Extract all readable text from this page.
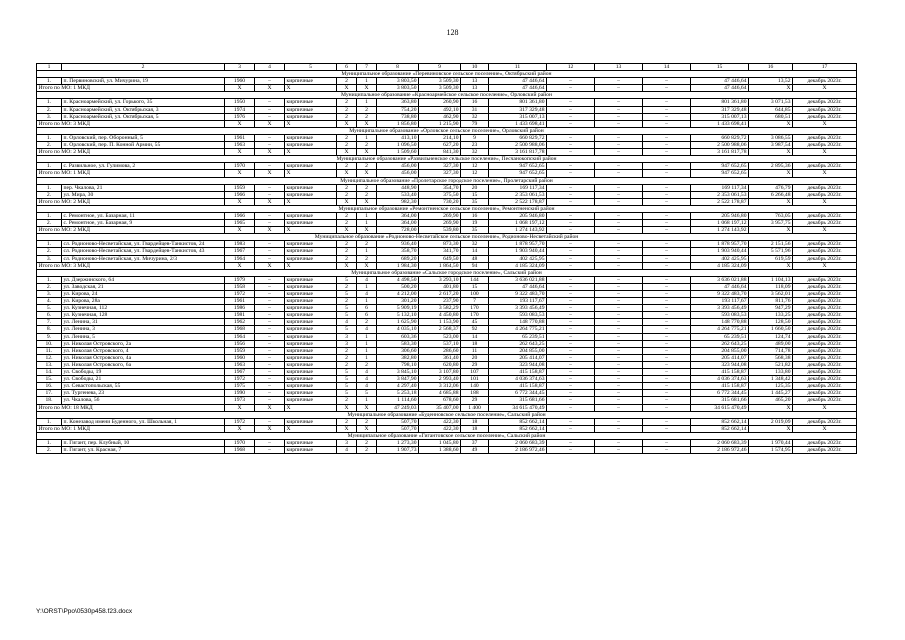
128
1	2	3	4	5	6	7	8	9	10	11	12	13	14	15	16	17
Муниципальное образование «Перевиновское сельское поселение», Октябрьский район																
1.	п. Первиновский, ул. Мичурина, 19	1960	–	кирпичные	2	1	3 803,50	3 509,30	13	47 446,64	–	–	–	47 446,64	13,52	декабрь 2023г.
Итого по МО: 1 МКД		X	X	X	X	X	3 803,50	3 509,30	13	47 446,64	–	–	–	47 446,64	X	X
Муниципальное образование «Красноармейское сельское поселение», Орловский район																
1.	п. Красноармейский, ул. Горького, 35	1950	–	кирпичные	2	1	363,80	260,90	16	801 361,80	–	–	–	801 361,80	3 071,53	декабрь 2023г.
2.	п. Красноармейский, ул. Октябрьская, 3	1974	–	кирпичные	2	2	754,20	492,10	31	317 329,48	–	–	–	317 329,48	644,85	декабрь 2023г.
3.	п. Красноармейский, ул. Октябрьская, 5	1976	–	кирпичные	2	2	738,80	462,90	32	315 007,13	–	–	–	315 007,13	680,51	декабрь 2023г.
Итого по МО: 3 МКД		X	X	X	X	X	1 856,80	1 215,90	79	1 433 698,41	–	–	–	1 433 698,41	X	X
Муниципальное образование «Орловское сельское поселение», Орловский район																
1.	п. Орловский, пер. Оборонный, 5	1961	–	кирпичные	2	1	413,10	214,10	9	660 829,72	–	–	–	660 829,72	3 086,55	декабрь 2023г.
2.	п. Орловский, пер. П. Конной Армии, 55	1963	–	кирпичные	2	2	1 096,50	627,20	23	2 500 988,06	–	–	–	2 500 988,06	3 987,54	декабрь 2023г.
Итого по МО: 2 МКД		X	X	X	X	X	1 509,60	841,30	32	3 161 817,78	–	–	–	3 161 817,78	X	X
Муниципальное образование «Развильненское сельское поселение», Песчанокопский район																
1.	с. Развильное, ул. Гулимова, 2	1970	–	кирпичные	2	2	456,00	327,30	12	947 652,65	–	–	–	947 652,65	2 895,36	декабрь 2023г.
Итого по МО: 1 МКД		X	X	X	X	X	456,00	327,30	12	947 652,65	–	–	–	947 652,65	X	X
Муниципальное образование «Пролетарское городское поселение», Пролетарский район																
1.	пер. Чкалова, 21	1959	–	кирпичные	2	2	448,90	354,70	20	169 117,34	–	–	–	169 117,34	476,79	декабрь 2023г.
2.	ул. Мира, 30	1966	–	кирпичные	2	2	533,40	375,50	15	2 353 061,53	–	–	–	2 353 061,53	6 266,48	декабрь 2023г.
Итого по МО: 2 МКД		X	X	X	X	X	982,30	730,20	35	2 522 178,87	–	–	–	2 522 178,87	X	X
Муниципальное образование «Ремонтненское сельское поселение», Ремонтненский район																
1.	с. Ремонтное, ул. Базарная, 11	1966	–	кирпичные	2	1	364,00	269,90	16	205 946,80	–	–	–	205 946,80	763,05	декабрь 2023г.
2.	с. Ремонтное, ул. Базарная, 9	1965	–	кирпичные	2	1	364,00	269,90	19	1 068 197,12	–	–	–	1 068 197,12	3 957,75	декабрь 2023г.
Итого по МО: 2 МКД		X	X	X	X	X	728,00	539,80	35	1 274 143,92	–	–	–	1 274 143,92	X	X
Муниципальное образование «Родионово-Несветайское сельское поселение», Родионово-Несветайский район																
1.	сл. Родионово-Несветайская, ул. Гвардейцев-Танкистов, 24	1983	–	кирпичные	2	2	936,40	873,30	32	1 878 957,70	–	–	–	1 878 957,70	2 151,56	декабрь 2023г.
2.	сл. Родионово-Несветайская, ул. Гвардейцев-Танкистов, 43	1967	–	кирпичные	2	1	358,70	341,70	14	1 903 940,44	–	–	–	1 903 940,44	5 571,96	декабрь 2023г.
3.	сл. Родионово-Несветайская, ул. Мичурина, 2/3	1964	–	кирпичные	2	2	689,20	649,50	48	402 425,95	–	–	–	402 425,95	619,59	декабрь 2023г.
Итого по МО: 3 МКД		X	X	X	X	X	1 984,30	1 864,50	94	4 185 324,09	–	–	–	4 185 324,09	X	X
Муниципальное образование «Сальское городское поселение», Сальский район																
1.	ул. Дзержинского, 64	1979	–	кирпичные	5	4	4 498,50	3 293,10	144	3 636 021,88	–	–	–	3 636 021,88	1 104,13	декабрь 2023г.
2.	ул. Заводская, 21	1958	–	кирпичные	2	1	500,20	401,80	15	47 446,64	–	–	–	47 446,64	118,09	декабрь 2023г.
3.	ул. Кирова, 24	1972	–	кирпичные	5	4	4 212,00	2 617,20	100	9 322 483,70	–	–	–	9 322 483,70	3 562,01	декабрь 2023г.
4.	ул. Кирова, 28а	1961	–	кирпичные	2	1	301,20	237,90	7	193 117,67	–	–	–	193 117,67	811,76	декабрь 2023г.
5.	ул. Кузнечная, 112	1986	–	кирпичные	5	6	5 909,19	3 582,29	170	3 393 456,49	–	–	–	3 393 456,49	947,29	декабрь 2023г.
6.	ул. Кузнечная, 128	1981	–	кирпичные	5	6	5 132,10	4 450,80	170	593 083,53	–	–	–	593 083,53	133,25	декабрь 2023г.
7.	ул. Ленина, 31	1962	–	кирпичные	4	2	1 625,90	1 153,90	45	148 770,88	–	–	–	148 770,88	128,50	декабрь 2023г.
8.	ул. Ленина, 3	1968	–	кирпичные	5	4	4 035,10	2 568,37	92	4 264 775,21	–	–	–	4 264 775,21	1 660,50	декабрь 2023г.
9.	ул. Ленина, 5	1964	–	кирпичные	3	1	603,36	523,00	14	65 239,51	–	–	–	65 239,51	124,74	декабрь 2023г.
10.	ул. Николая Островского, 2а	1956	–	кирпичные	3	1	583,30	537,10	18	262 643,25	–	–	–	262 643,25	489,00	декабрь 2023г.
11.	ул. Николая Островского, 4	1959	–	кирпичные	2	1	306,60	286,60	11	204 855,00	–	–	–	204 855,00	714,78	декабрь 2023г.
12.	ул. Николая Островского, 4а	1960	–	кирпичные	2	1	382,80	361,40	20	205 414,07	–	–	–	205 414,07	568,38	декабрь 2023г.
13.	ул. Николая Островского, 6а	1963	–	кирпичные	2	2	798,10	620,80	29	323 944,08	–	–	–	323 944,08	521,82	декабрь 2023г.
14.	ул. Свободы, 19	1967	–	кирпичные	5	4	3 845,10	3 107,80	107	415 158,87	–	–	–	415 158,87	133,80	декабрь 2023г.
15.	ул. Свободы, 21	1972	–	кирпичные	5	4	3 847,90	2 993,40	101	4 036 374,63	–	–	–	4 036 374,63	1 348,42	декабрь 2023г.
16.	ул. Севастопольская, 55	1975	–	кирпичные	5	4	4 297,40	3 312,06	140	415 158,87	–	–	–	415 158,87	125,35	декабрь 2023г.
17.	ул. Тургенева, 23	1990	–	кирпичные	5	5	5 253,18	4 685,88	188	6 772 344,45	–	–	–	6 772 344,45	1 445,27	декабрь 2023г.
18.	ул. Чкалова, 56	1973	–	кирпичные	2	1	1 114,60	678,60	29	315 681,66	–	–	–	315 681,66	465,20	декабрь 2023г.
Итого по МО: 18 МКД		X	X	X	X	X	47 249,03	35 407,00	1 400	34 615 470,49	–	–	–	34 615 470,49	X	X
Муниципальное образование «Буденновское сельское поселение», Сальский район																
1.	п. Конезавод имени Буденного, ул. Школьная, 1	1972	–	кирпичные	2	2	507,70	422,30	18	852 662,14	–	–	–	852 662,14	2 019,09	декабрь 2023г.
Итого по МО: 1 МКД		X	X	X	X	X	507,70	422,30	18	852 662,14	–	–	–	852 662,14	X	X
Муниципальное образование «Гигантовское сельское поселение», Сальский район																
1.	п. Гигант, пер. Клубный, 10	1970	–	кирпичные	3	2	1 273,30	1 045,80	37	2 060 683,39	–	–	–	2 060 683,39	1 970,44	декабрь 2023г.
2.	п. Гигант, ул. Красная, 7	1968	–	кирпичные	4	2	1 907,73	1 388,60	49	2 186 972,46	–	–	–	2 186 972,46	1 574,95	декабрь 2023г.
Y:\ORST\Ppo\0530p458.f23.docx
